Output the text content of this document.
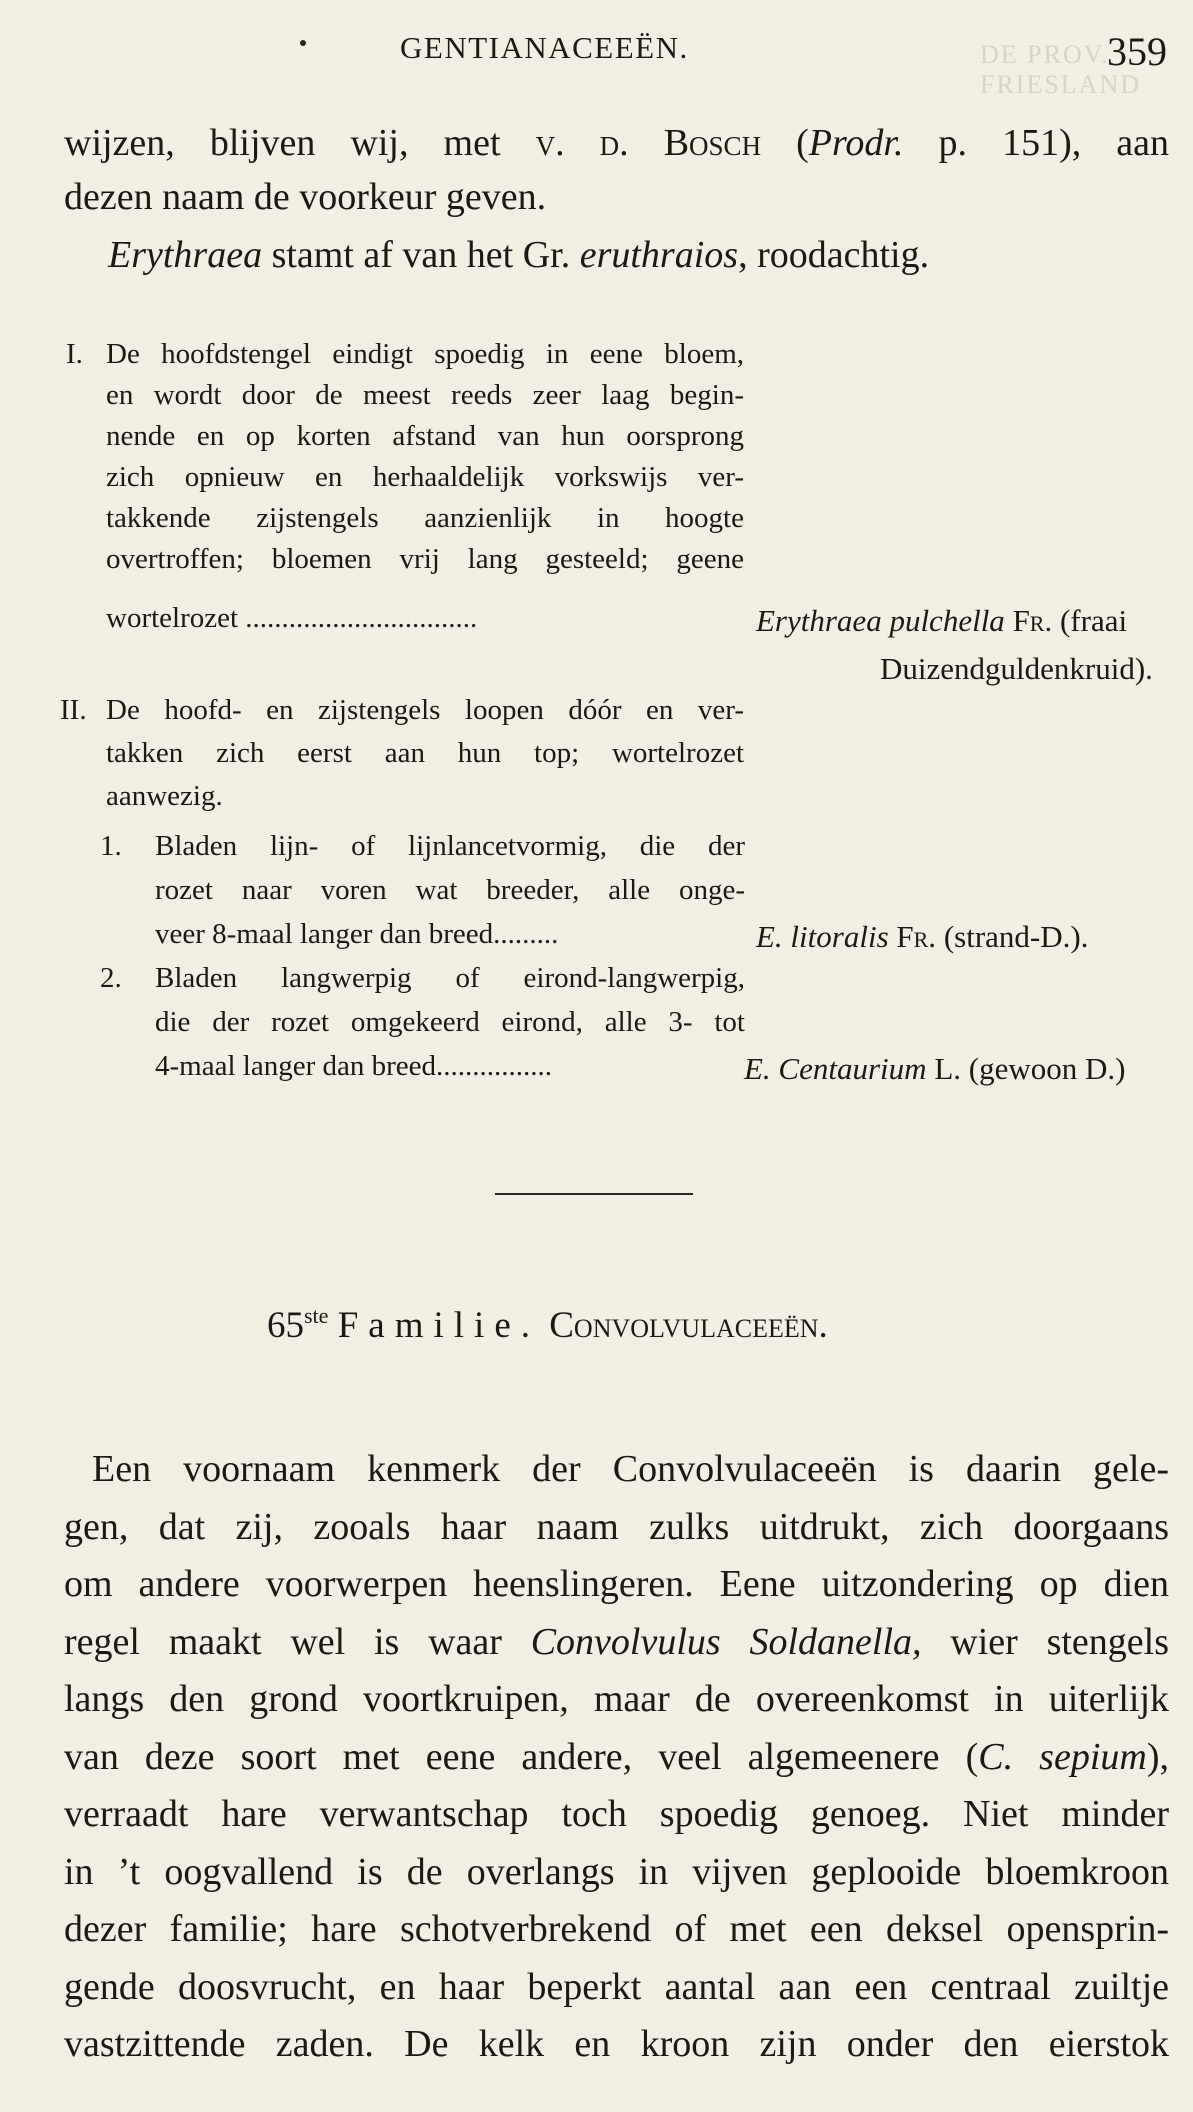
GENTIANACEEËN.	DE PROV. FRIESLAND
359
wijzen, blijven wij, met v. d. Bosch (Prodr. p. 151), aan
dezen naam de voorkeur geven.
Erythraea stamt af van het Gr. eruthraios, roodachtig.
I. De hoofdstengel eindigt spoedig in eene bloem,
en wordt door de meest reeds zeer laag begin-
nende en op korten afstand van hun oorsprong
zich opnieuw en herhaaldelijk vorkswijs ver-
takkende zijstengels aanzienlijk in hoogte
overtroffen; bloemen vrij lang gesteeld; geene
wortelrozet ................................	Erythraea pulchella Fr. (fraai
Duizendguldenkruid).
II. De hoofd- en zijstengels loopen dóór en ver-
takken zich eerst aan hun top; wortelrozet
aanwezig.
1. Bladen lijn- of lijnlancetvormig, die der
rozet naar voren wat breeder, alle onge-
veer 8-maal langer dan breed.........	E. litoralis Fr. (strand-D.).
2. Bladen langwerpig of eirond-langwerpig,
die der rozet omgekeerd eirond, alle 3- tot
4-maal langer dan breed................	E. Centaurium L. (gewoon D.)
65ste Familie. Convolvulaceeën.
Een voornaam kenmerk der Convolvulaceeën is daarin gele-
gen, dat zij, zooals haar naam zulks uitdrukt, zich doorgaans
om andere voorwerpen heenslingeren. Eene uitzondering op dien
regel maakt wel is waar Convolvulus Soldanella, wier stengels
langs den grond voortkruipen, maar de overeenkomst in uiterlijk
van deze soort met eene andere, veel algemeenere (C. sepium),
verraadt hare verwantschap toch spoedig genoeg. Niet minder
in ’t oogvallend is de overlangs in vijven geplooide bloemkroon
dezer familie; hare schotverbrekend of met een deksel opensprin-
gende doosvrucht, en haar beperkt aantal aan een centraal zuiltje
vastzittende zaden. De kelk en kroon zijn onder den eierstok
